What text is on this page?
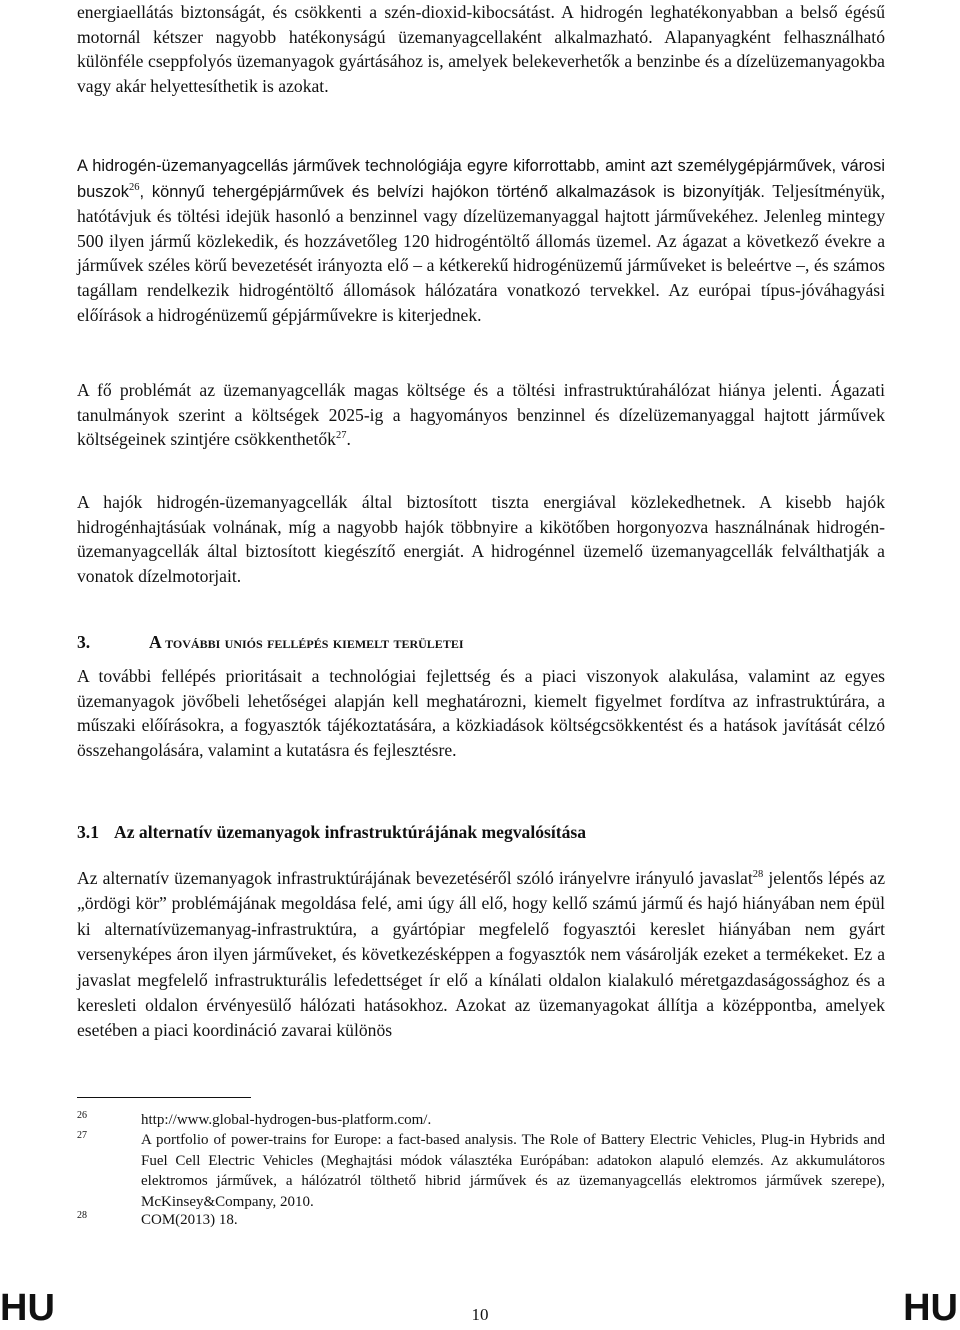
energiaellátás biztonságát, és csökkenti a szén-dioxid-kibocsátást. A hidrogén leghatékonyabban a belső égésű motornál kétszer nagyobb hatékonyságú üzemanyagcellaként alkalmazható. Alapanyagként felhasználható különféle cseppfolyós üzemanyagok gyártásához is, amelyek belekeverhetők a benzinbe és a dízelüzemanyagokba vagy akár helyettesíthetik is azokat.

A hidrogén-üzemanyagcellás járművek technológiája egyre kiforrottabb, amint azt személygépjárművek, városi buszok$^{26}$, könnyű tehergépjárművek és belvízi hajókon történő alkalmazások is bizonyítják. Teljesítményük, hatótávjuk és töltési idejük hasonló a benzinnel vagy dízelüzemanyaggal hajtott járművekéhez. Jelenleg mintegy 500 ilyen jármű közlekedik, és hozzávetőleg 120 hidrogéntöltő állomás üzemel. Az ágazat a következő évekre a járművek széles körű bevezetését irányozta elő – a kétkerekű hidrogénüzemű járműveket is beleértve –, és számos tagállam rendelkezik hidrogéntöltő állomások hálózatára vonatkozó tervekkel. Az európai típus-jóváhagyási előírások a hidrogénüzemű gépjárművekre is kiterjednek.

A fő problémát az üzemanyagcellák magas költsége és a töltési infrastruktúrahálózat hiánya jelenti. Ágazati tanulmányok szerint a költségek 2025-ig a hagyományos benzinnel és dízelüzemanyaggal hajtott járművek költségeinek szintjére csökkenthetők$^{27}$.

A hajók hidrogén-üzemanyagcellák által biztosított tiszta energiával közlekedhetnek. A kisebb hajók hidrogénhajtásúak volnának, míg a nagyobb hajók többnyire a kikötőben horgonyozva használnának hidrogén-üzemanyagcellák által biztosított kiegészítő energiát. A hidrogénnel üzemelő üzemanyagcellák felválthatják a vonatok dízelmotorjait.

3.	A további uniós fellépés kiemelt területei

A további fellépés prioritásait a technológiai fejlettség és a piaci viszonyok alakulása, valamint az egyes üzemanyagok jövőbeli lehetőségei alapján kell meghatározni, kiemelt figyelmet fordítva az infrastruktúrára, a műszaki előírásokra, a fogyasztók tájékoztatására, a közkiadások költségcsökkentést és a hatások javítását célzó összehangolására, valamint a kutatásra és fejlesztésre.

3.1 Az alternatív üzemanyagok infrastruktúrájának megvalósítása

Az alternatív üzemanyagok infrastruktúrájának bevezetéséről szóló irányelvre irányuló javaslat$^{28}$ jelentős lépés az „ördögi kör” problémájának megoldása felé, ami úgy áll elő, hogy kellő számú jármű és hajó hiányában nem épül ki alternatívüzemanyag-infrastruktúra, a gyártópiar megfelelő fogyasztói kereslet hiányában nem gyárt versenyképes áron ilyen járműveket, és következésképpen a fogyasztók nem vásárolják ezeket a termékeket. Ez a javaslat megfelelő infrastrukturális lefedettséget ír elő a kínálati oldalon kialakuló méretgazdaságossághoz és a keresleti oldalon érvényesülő hálózati hatásokhoz. Azokat az üzemanyagokat állítja a középpontba, amelyek esetében a piaci koordináció zavarai különös

26	http://www.global-hydrogen-bus-platform.com/.
27	A portfolio of power-trains for Europe: a fact-based analysis. The Role of Battery Electric Vehicles, Plug-in Hybrids and Fuel Cell Electric Vehicles (Meghajtási módok választéka Európában: adatokon alapuló elemzés. Az akkumulátoros elektromos járművek, a hálózatról tölthető hibrid járművek és az üzemanyagcellás elektromos járművek szerepe), McKinsey&Company, 2010.
28	COM(2013) 18.
HU	10	HU
